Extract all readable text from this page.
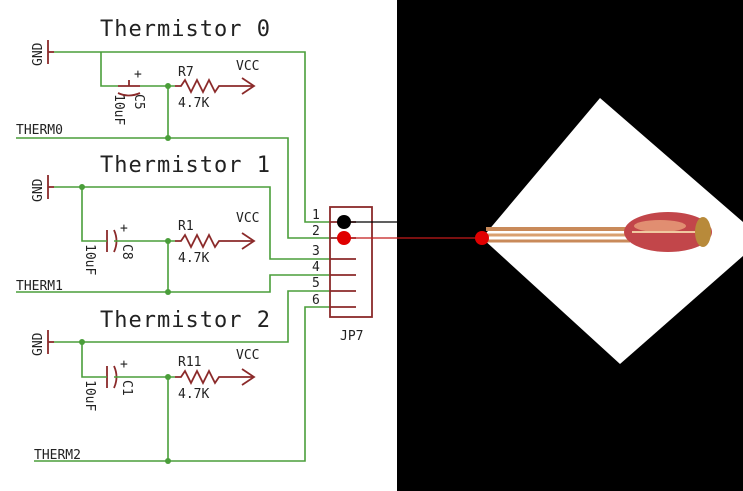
Thermistor 0
GND
+
C5
10uF
R7
4.7K
VCC
THERM0
Thermistor 1
GND
+
C8
10uF
R1
4.7K
VCC
THERM1
Thermistor 2
GND
+
C1
10uF
R11
4.7K
VCC
THERM2
1
2
3
4
5
6
JP7
